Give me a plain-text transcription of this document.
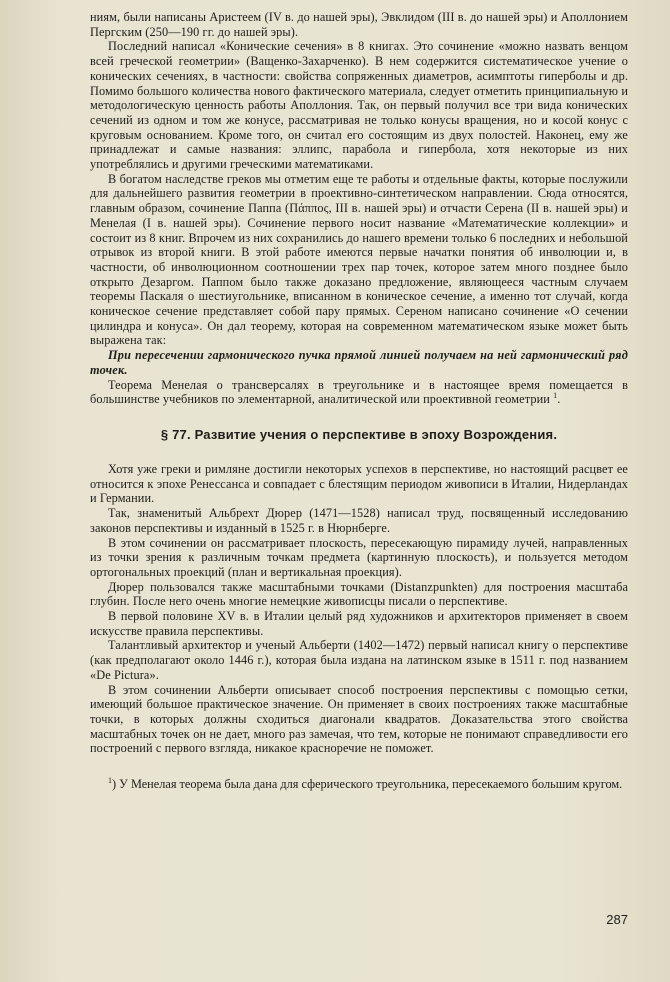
ниям, были написаны Аристеем (IV в. до нашей эры), Эвклидом (III в. до нашей эры) и Аполлонием Пергским (250—190 гг. до нашей эры).

Последний написал «Конические сечения» в 8 книгах. Это сочинение «можно назвать венцом всей греческой геометрии» (Ващенко-Захарченко). В нем содержится систематическое учение о конических сечениях, в частности: свойства сопряженных диаметров, асимптоты гиперболы и др. Помимо большого количества нового фактического материала, следует отметить принципиальную и методологическую ценность работы Аполлония. Так, он первый получил все три вида конических сечений из одном и том же конусе, рассматривая не только конусы вращения, но и косой конус с круговым основанием. Кроме того, он считал его состоящим из двух полостей. Наконец, ему же принадлежат и самые названия: эллипс, парабола и гипербола, хотя некоторые из них употреблялись и другими греческими математиками.

В богатом наследстве греков мы отметим еще те работы и отдельные факты, которые послужили для дальнейшего развития геометрии в проективно-синтетическом направлении. Сюда относятся, главным образом, сочинение Паппа (Πάππος, III в. нашей эры) и отчасти Серена (II в. нашей эры) и Менелая (I в. нашей эры). Сочинение первого носит название «Математические коллекции» и состоит из 8 книг. Впрочем из них сохранились до нашего времени только 6 последних и небольшой отрывок из второй книги. В этой работе имеются первые начатки понятия об инволюции и, в частности, об инволюционном соотношении трех пар точек, которое затем много позднее было открыто Дезаргом. Паппом было также доказано предложение, являющееся частным случаем теоремы Паскаля о шестиугольнике, вписанном в коническое сечение, а именно тот случай, когда коническое сечение представляет собой пару прямых. Сереном написано сочинение «О сечении цилиндра и конуса». Он дал теорему, которая на современном математическом языке может быть выражена так:

При пересечении гармонического пучка прямой линией получаем на ней гармонический ряд точек.

Теорема Менелая о трансверсалях в треугольнике и в настоящее время помещается в большинстве учебников по элементарной, аналитической или проективной геометрии $^1$.

§ 77. Развитие учения о перспективе в эпоху Возрождения.

Хотя уже греки и римляне достигли некоторых успехов в перспективе, но настоящий расцвет ее относится к эпохе Ренессанса и совпадает с блестящим периодом живописи в Италии, Нидерландах и Германии.

Так, знаменитый Альбрехт Дюрер (1471—1528) написал труд, посвященный исследованию законов перспективы и изданный в 1525 г. в Нюрнберге.

В этом сочинении он рассматривает плоскость, пересекающую пирамиду лучей, направленных из точки зрения к различным точкам предмета (картинную плоскость), и пользуется методом ортогональных проекций (план и вертикальная проекция).

Дюрер пользовался также масштабными точками (Distanzpunkten) для построения масштаба глубин. После него очень многие немецкие живописцы писали о перспективе.

В первой половине XV в. в Италии целый ряд художников и архитекторов применяет в своем искусстве правила перспективы.

Талантливый архитектор и ученый Альберти (1402—1472) первый написал книгу о перспективе (как предполагают около 1446 г.), которая была издана на латинском языке в 1511 г. под названием «De Pictura».

В этом сочинении Альберти описывает способ построения перспективы с помощью сетки, имеющий большое практическое значение. Он применяет в своих построениях также масштабные точки, в которых должны сходиться диагонали квадратов. Доказательства этого свойства масштабных точек он не дает, много раз замечая, что тем, которые не понимают справедливости его построений с первого взгляда, никакое красноречие не поможет.

$^1$) У Менелая теорема была дана для сферического треугольника, пересекаемого большим кругом.

287
